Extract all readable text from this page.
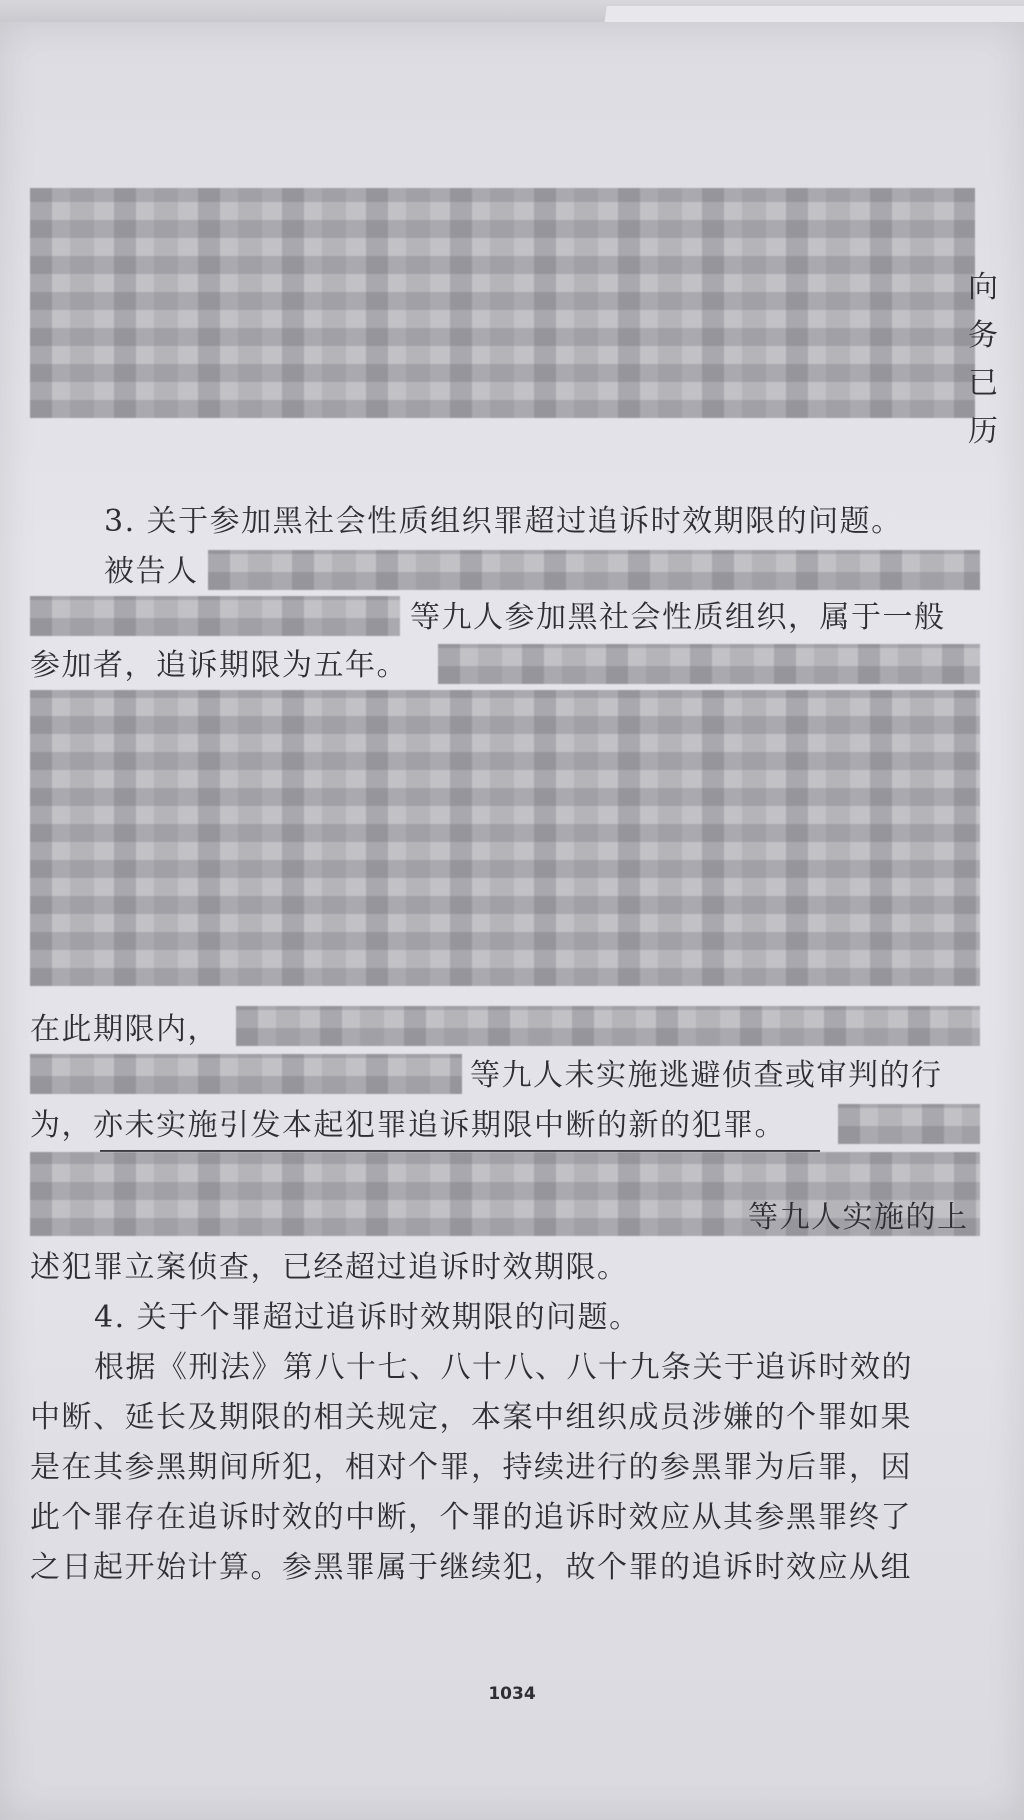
向
务
已
历
3. 关于参加黑社会性质组织罪超过追诉时效期限的问题。
被告人
等九人参加黑社会性质组织，属于一般
参加者，追诉期限为五年。
在此期限内，
等九人未实施逃避侦查或审判的行
为，亦未实施引发本起犯罪追诉期限中断的新的犯罪。
等九人实施的上
述犯罪立案侦查，已经超过追诉时效期限。
4. 关于个罪超过追诉时效期限的问题。
根据《刑法》第八十七、八十八、八十九条关于追诉时效的
中断、延长及期限的相关规定，本案中组织成员涉嫌的个罪如果
是在其参黑期间所犯，相对个罪，持续进行的参黑罪为后罪，因
此个罪存在追诉时效的中断，个罪的追诉时效应从其参黑罪终了
之日起开始计算。参黑罪属于继续犯，故个罪的追诉时效应从组
1034
